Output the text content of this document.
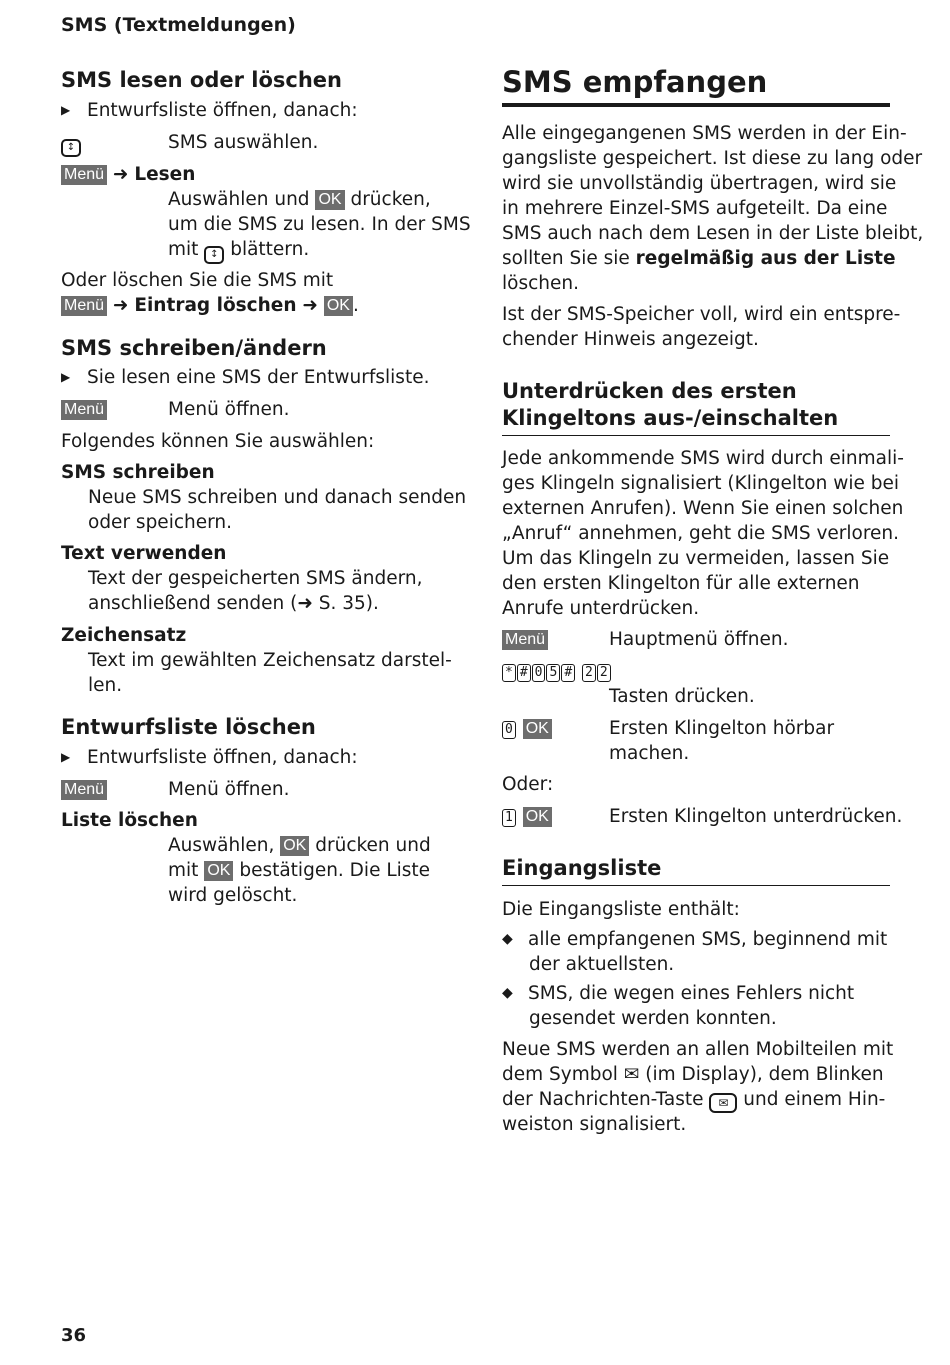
SMS (Textmeldungen)
SMS lesen oder löschen
▶ Entwurfsliste öffnen, danach:
↕	SMS auswählen.
Menü ➜ Lesen
Auswählen und OK drücken,
um die SMS zu lesen. In der SMS
mit ↕ blättern.
Oder löschen Sie die SMS mit
Menü ➜ Eintrag löschen ➜ OK .
SMS schreiben/ändern
▶ Sie lesen eine SMS der Entwurfsliste.
Menü	Menü öffnen.
Folgendes können Sie auswählen:
SMS schreiben
Neue SMS schreiben und danach senden
oder speichern.
Text verwenden
Text der gespeicherten SMS ändern,
anschließend senden (➜ S. 35).
Zeichensatz
Text im gewählten Zeichensatz darstel-
len.
Entwurfsliste löschen
▶ Entwurfsliste öffnen, danach:
Menü	Menü öffnen.
Liste löschen
Auswählen, OK drücken und
mit OK bestätigen. Die Liste
wird gelöscht.
SMS empfangen
Alle eingegangenen SMS werden in der Ein-
gangsliste gespeichert. Ist diese zu lang oder
wird sie unvollständig übertragen, wird sie
in mehrere Einzel-SMS aufgeteilt. Da eine
SMS auch nach dem Lesen in der Liste bleibt,
sollten Sie sie regelmäßig aus der Liste
löschen.
Ist der SMS-Speicher voll, wird ein entspre-
chender Hinweis angezeigt.
Unterdrücken des ersten
Klingeltons aus-/einschalten
Jede ankommende SMS wird durch einmali-
ges Klingeln signalisiert (Klingelton wie bei
externen Anrufen). Wenn Sie einen solchen
„Anruf“ annehmen, geht die SMS verloren.
Um das Klingeln zu vermeiden, lassen Sie
den ersten Klingelton für alle externen
Anrufe unterdrücken.
Menü	Hauptmenü öffnen.
* # 0 5 # 2 2
Tasten drücken.
0 OK	Ersten Klingelton hörbar
machen.
Oder:
1 OK	Ersten Klingelton unterdrücken.
Eingangsliste
Die Eingangsliste enthält:
◆ alle empfangenen SMS, beginnend mit
der aktuellsten.
◆ SMS, die wegen eines Fehlers nicht
gesendet werden konnten.
Neue SMS werden an allen Mobilteilen mit
dem Symbol ✉ (im Display), dem Blinken
der Nachrichten-Taste ✉ und einem Hin-
weiston signalisiert.
36
